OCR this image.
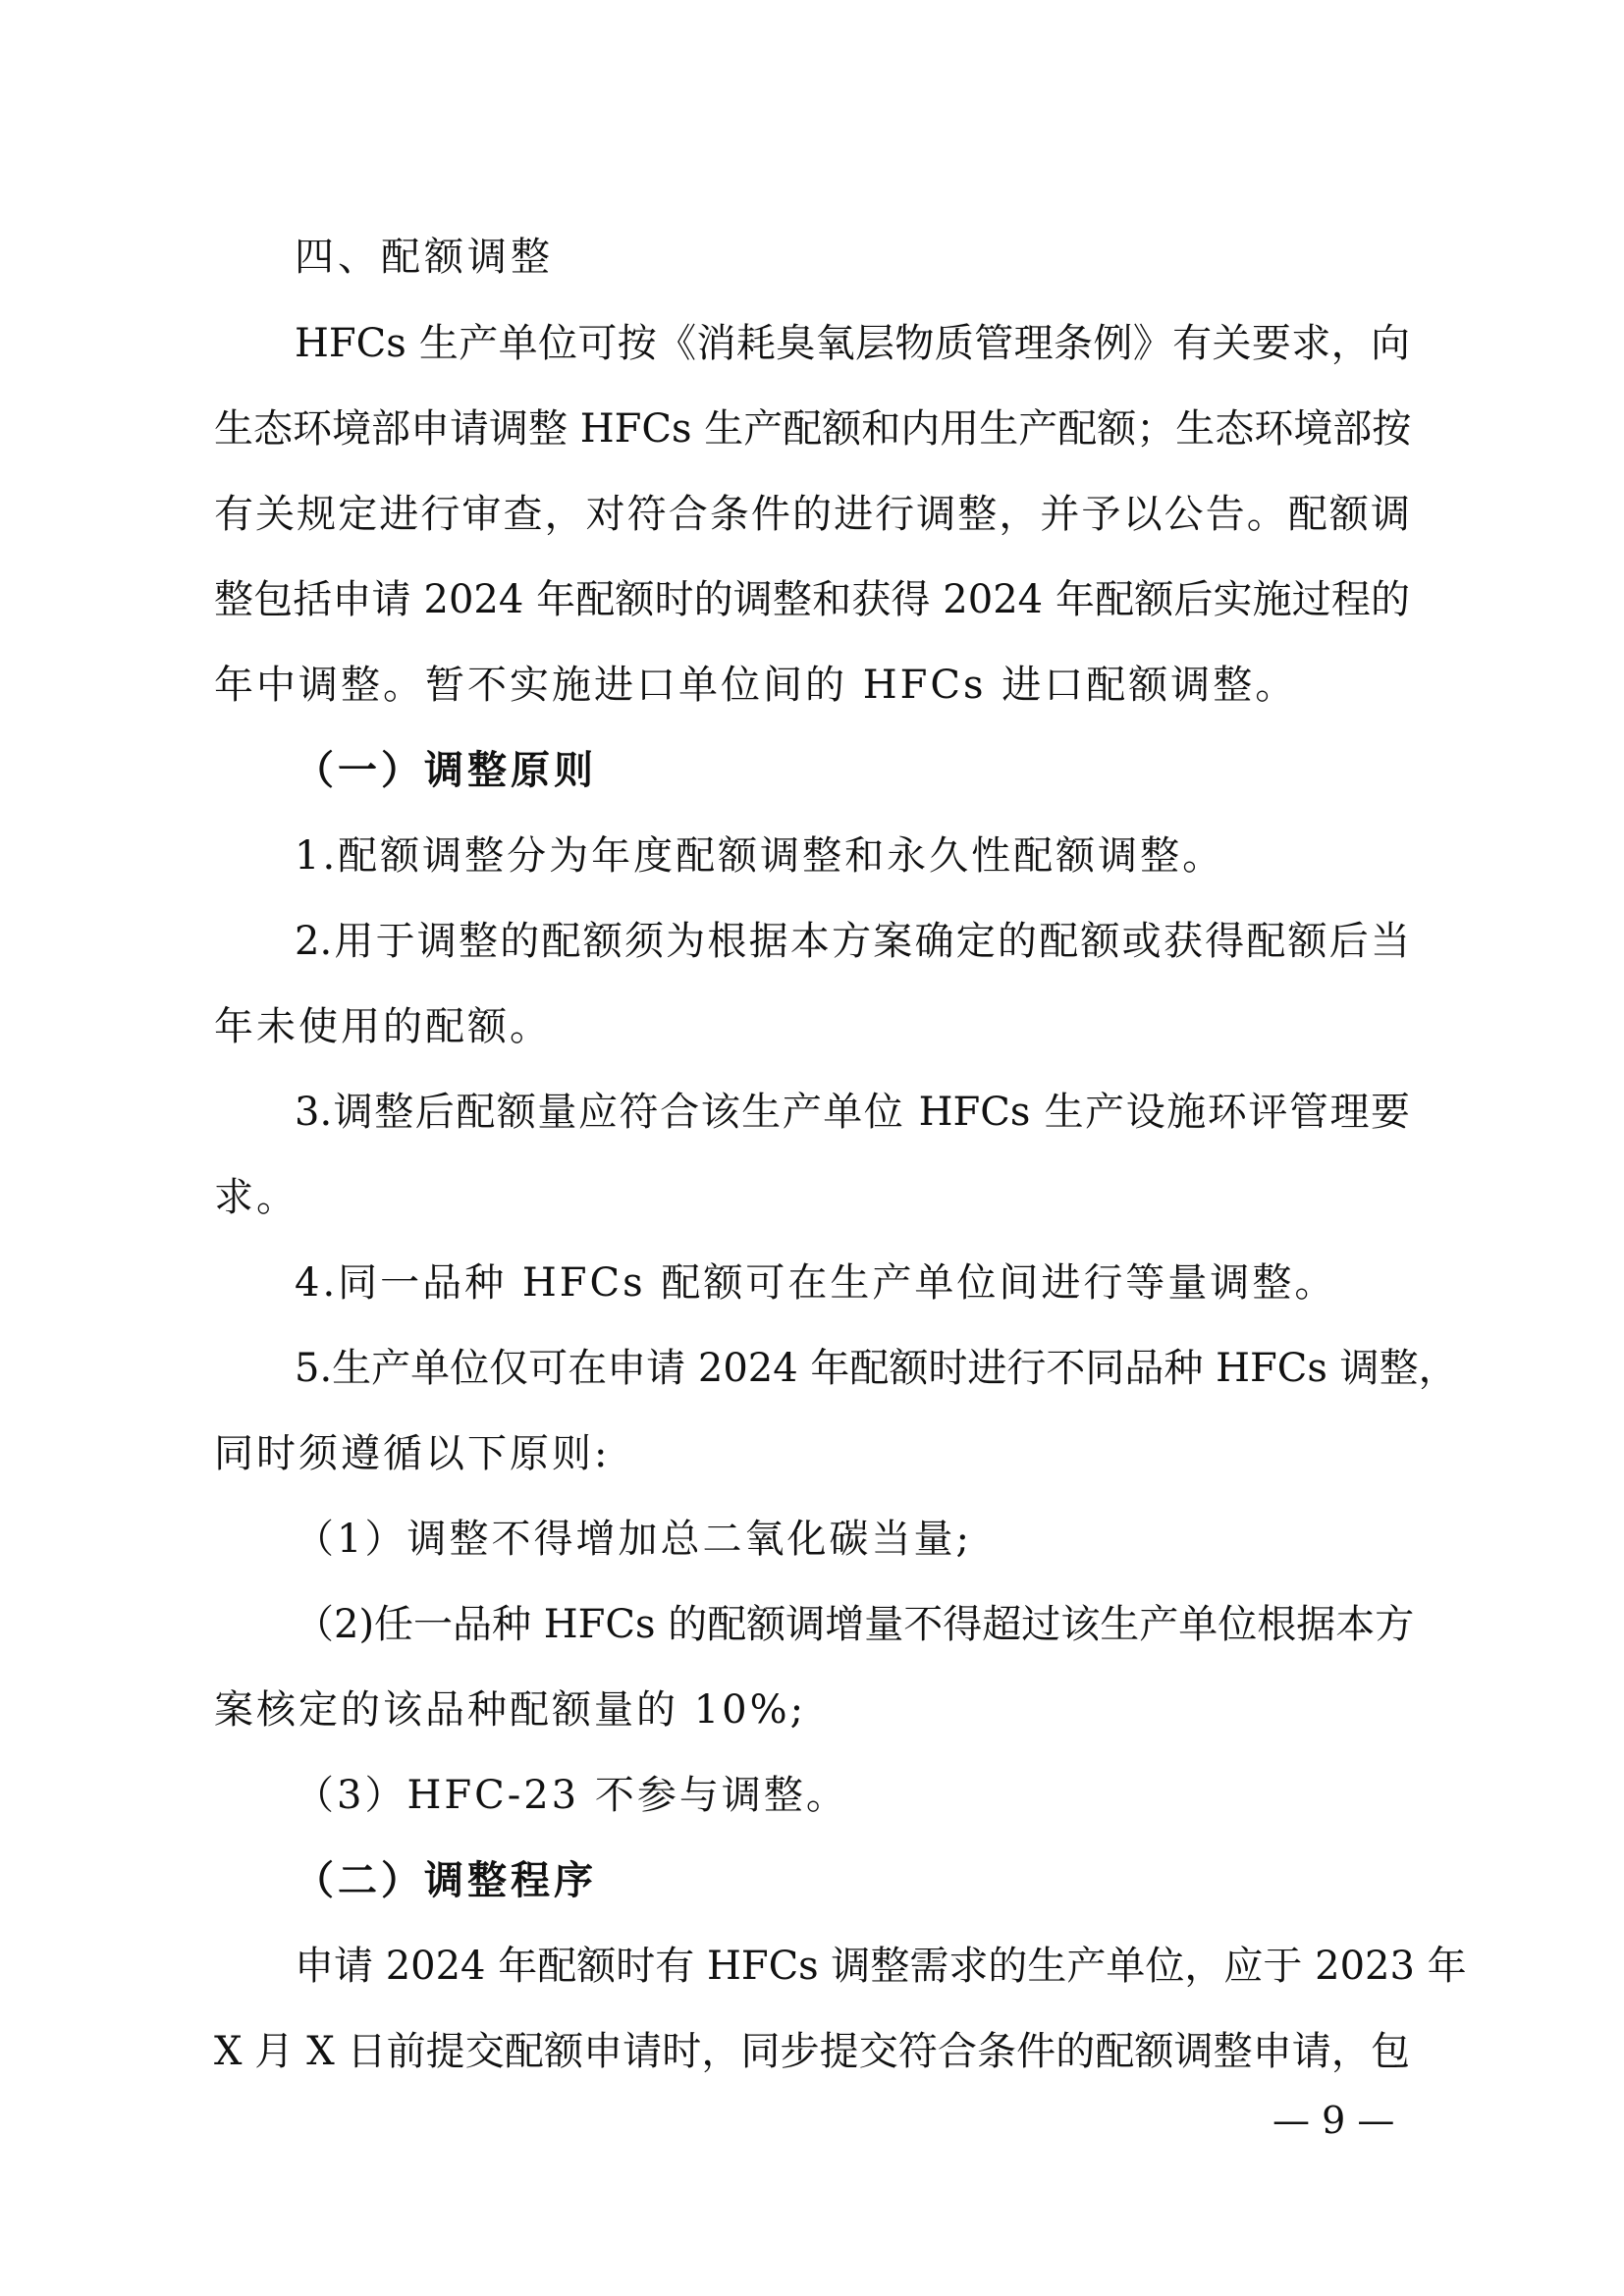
四、配额调整
HFCs 生产单位可按《消耗臭氧层物质管理条例》有关要求，向
生态环境部申请调整 HFCs 生产配额和内用生产配额；生态环境部按
有关规定进行审查，对符合条件的进行调整，并予以公告。配额调
整包括申请 2024 年配额时的调整和获得 2024 年配额后实施过程的
年中调整。暂不实施进口单位间的 HFCs 进口配额调整。
（一）调整原则
1.配额调整分为年度配额调整和永久性配额调整。
2.用于调整的配额须为根据本方案确定的配额或获得配额后当
年未使用的配额。
3.调整后配额量应符合该生产单位 HFCs 生产设施环评管理要
求。
4.同一品种 HFCs 配额可在生产单位间进行等量调整。
5.生产单位仅可在申请 2024 年配额时进行不同品种 HFCs 调整，
同时须遵循以下原则:
（1）调整不得增加总二氧化碳当量;
（2)任一品种 HFCs 的配额调增量不得超过该生产单位根据本方
案核定的该品种配额量的 10%;
（3）HFC-23 不参与调整。
（二）调整程序
申请 2024 年配额时有 HFCs 调整需求的生产单位，应于 2023 年
X 月 X 日前提交配额申请时，同步提交符合条件的配额调整申请，包
— 9 —
